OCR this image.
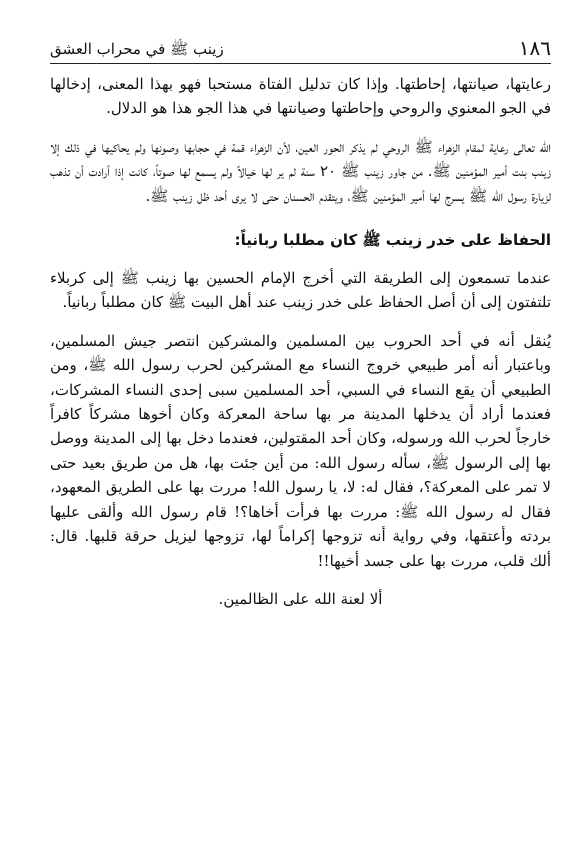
١٨٦
زينب ﷺ في محراب العشق

رعايتها، صيانتها، إحاطتها. وإذا كان تدليل الفتاة مستحبا فهو بهذا المعنى، إدخالها في الجو المعنوي والروحي وإحاطتها وصيانتها في هذا الجو هذا هو الدلال.

الله تعالى رعاية لمقام الزهراء ﷺ الروحي لم يذكر الحور العين، لأن الزهراء قمة في حجابها وصونها ولم يحاكيها في ذلك إلا زينب بنت أمير المؤمنين ﷺ. من جاور زينب ﷺ ٢٠ سنة لم ير لها خيالاً ولم يسمع لها صوتاً، كانت إذا أرادت أن تذهب لزيارة رسول الله ﷺ يسرج لها أمير المؤمنين ﷺ، ويتقدم الحسنان حتى لا يرى أحد ظل زينب ﷺ.

الحفاظ على خدر زينب ﷺ كان مطلبا ربانياً:

عندما تسمعون إلى الطريقة التي أخرج الإمام الحسين بها زينب ﷺ إلى كربلاء تلتفتون إلى أن أصل الحفاظ على خدر زينب عند أهل البيت ﷺ كان مطلباً ربانياً.

يُنقل أنه في أحد الحروب بين المسلمين والمشركين انتصر جيش المسلمين، وباعتبار أنه أمر طبيعي خروج النساء مع المشركين لحرب رسول الله ﷺ، ومن الطبيعي أن يقع النساء في السبي، أحد المسلمين سبى إحدى النساء المشركات، فعندما أراد أن يدخلها المدينة مر بها ساحة المعركة وكان أخوها مشركاً كافراً خارجاً لحرب الله ورسوله، وكان أحد المقتولين، فعندما دخل بها إلى المدينة ووصل بها إلى الرسول ﷺ، سأله رسول الله: من أين جئت بها، هل من طريق بعيد حتى لا تمر على المعركة؟، فقال له: لا، يا رسول الله! مررت بها على الطريق المعهود، فقال له رسول الله ﷺ: مررت بها فرأت أخاها؟! قام رسول الله وألقى عليها بردته وأعتقها، وفي رواية أنه تزوجها إكراماً لها، تزوجها ليزيل حرقة قلبها. قال: ألك قلب، مررت بها على جسد أخيها!!

ألا لعنة الله على الظالمين.
